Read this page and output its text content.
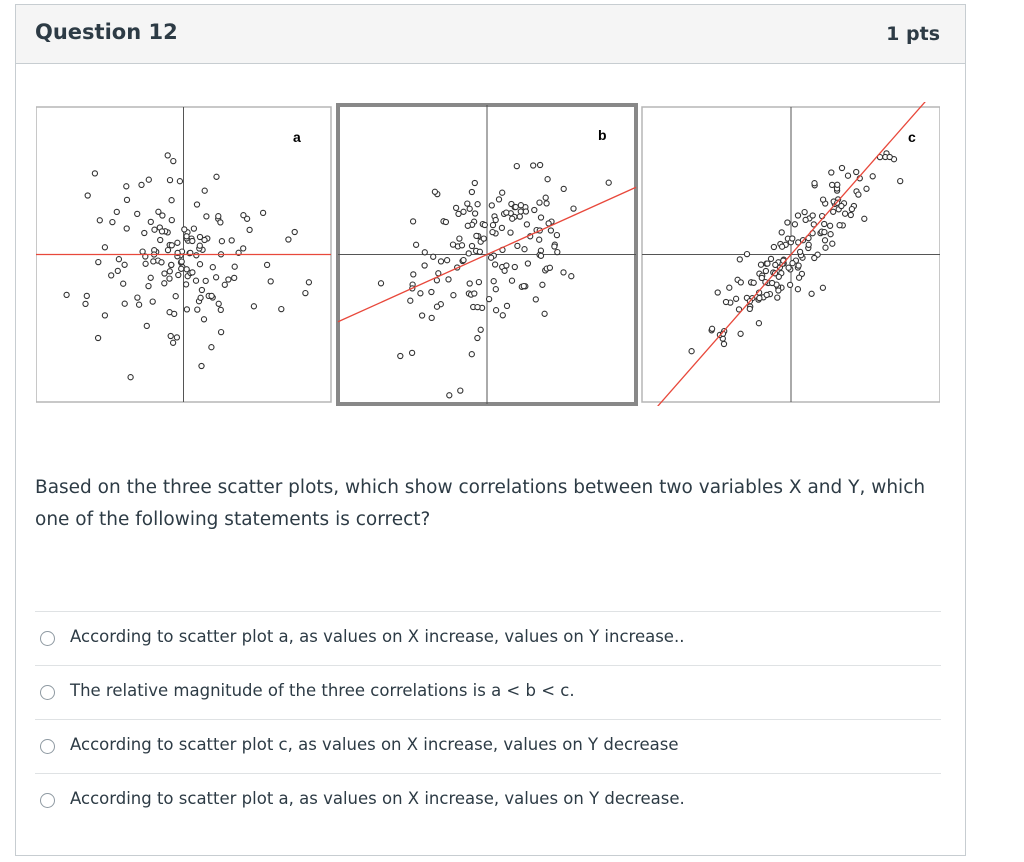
Question 12	1 pts
a	b	c
Based on the three scatter plots, which show correlations between two variables X and Y, which one of the following statements is correct?
According to scatter plot a, as values on X increase, values on Y increase..
The relative magnitude of the three correlations is a < b < c.
According to scatter plot c, as values on X increase, values on Y decrease
According to scatter plot a, as values on X increase, values on Y decrease.
